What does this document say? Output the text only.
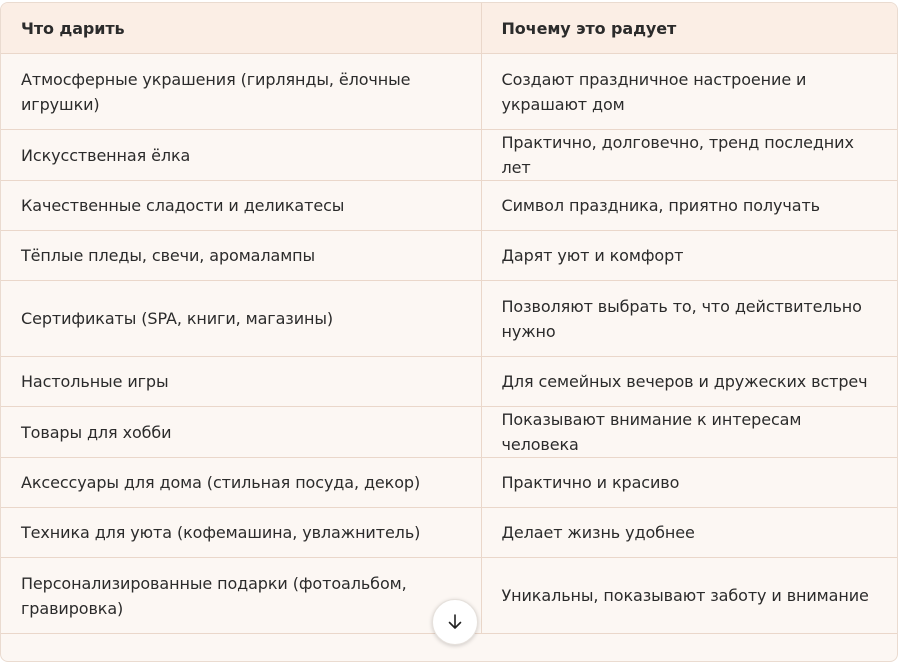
Что дарить	Почему это радует
Атмосферные украшения (гирлянды, ёлочные игрушки)	Создают праздничное настроение и украшают дом
Искусственная ёлка	Практично, долговечно, тренд последних лет
Качественные сладости и деликатесы	Символ праздника, приятно получать
Тёплые пледы, свечи, аромалампы	Дарят уют и комфорт
Сертификаты (SPA, книги, магазины)	Позволяют выбрать то, что действительно нужно
Настольные игры	Для семейных вечеров и дружеских встреч
Товары для хобби	Показывают внимание к интересам человека
Аксессуары для дома (стильная посуда, декор)	Практично и красиво
Техника для уюта (кофемашина, увлажнитель)	Делает жизнь удобнее
Персонализированные подарки (фотоальбом, гравировка)	Уникальны, показывают заботу и внимание
